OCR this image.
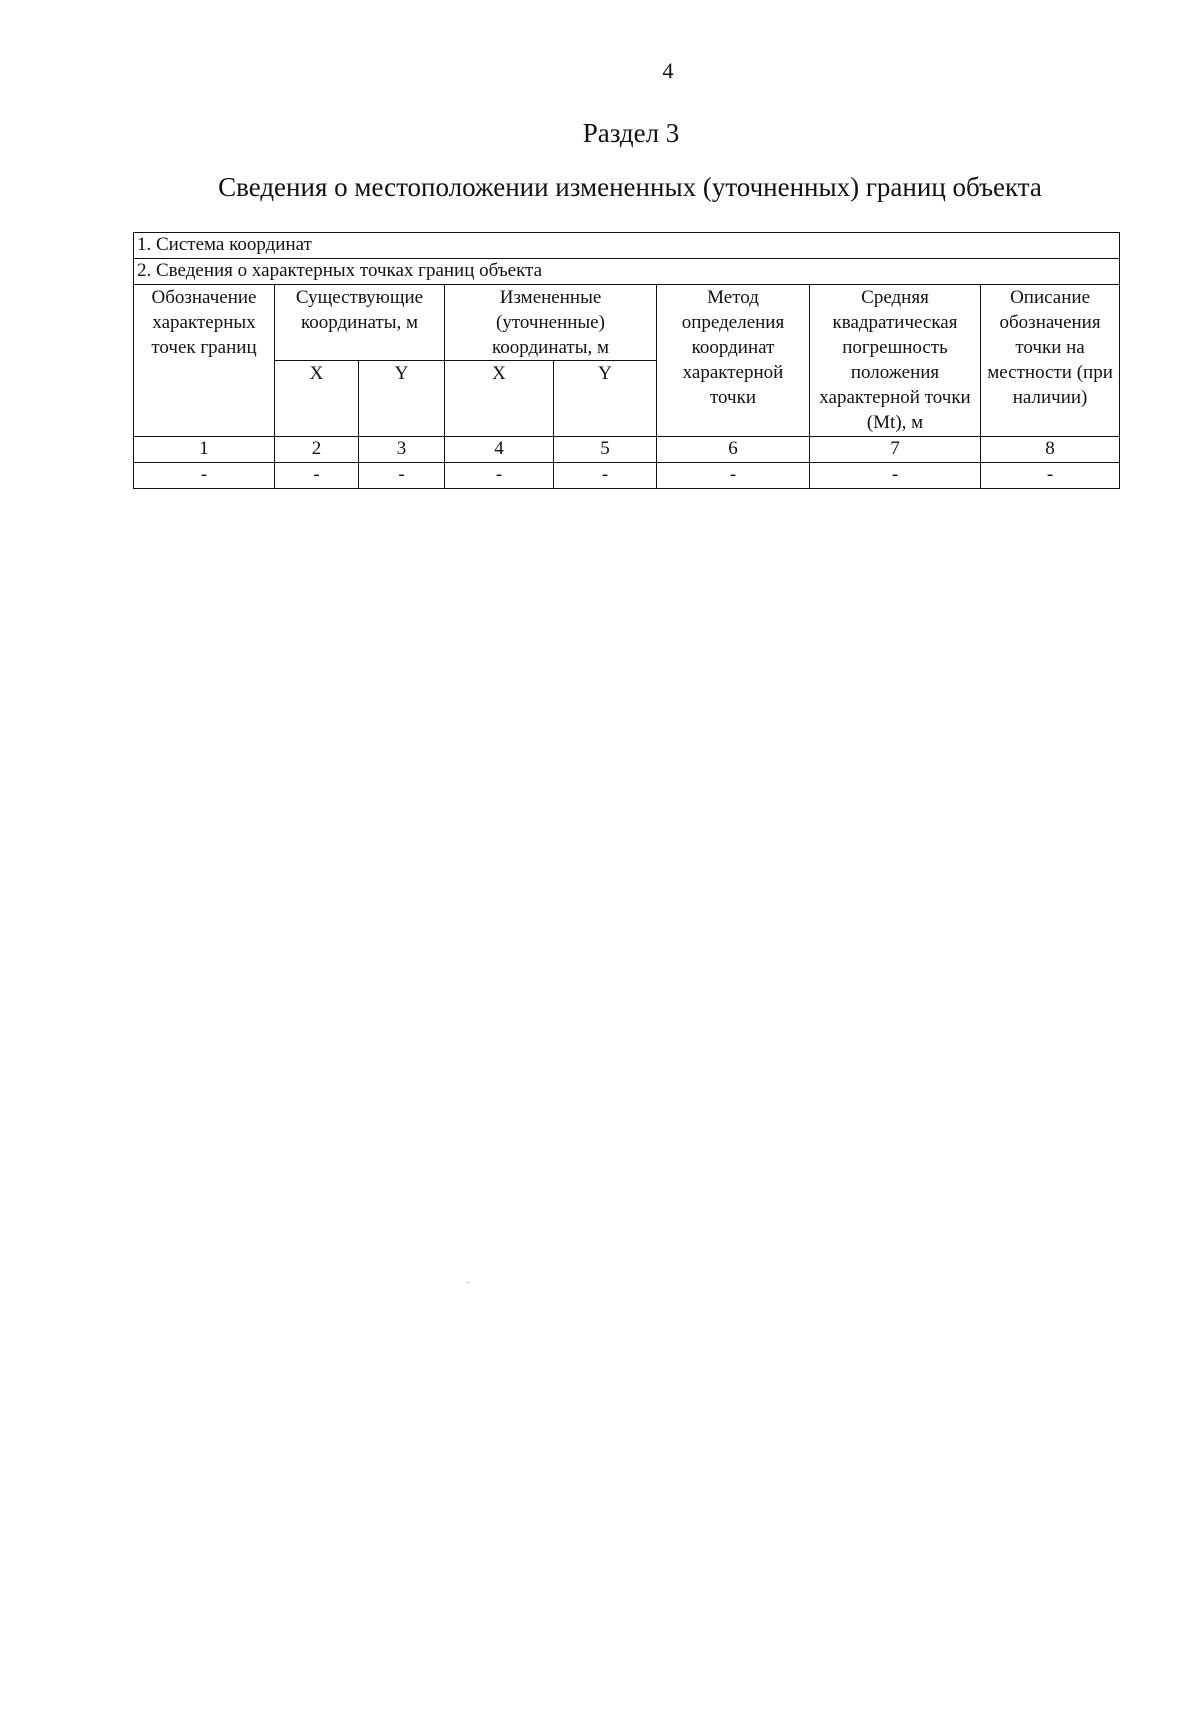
4
Раздел 3
Сведения о местоположении измененных (уточненных) границ объекта
1. Система координат							
2. Сведения о характерных точках границ объекта							
Обозначение характерных точек границ	Существующие координаты, м		Измененные (уточненные) координаты, м		Метод определения координат характерной точки	Средняя квадратическая погрешность положения характерной точки (Mt), м	Описание обозначения точки на местности (при наличии)
	X	Y	X	Y			
1	2	3	4	5	6	7	8
-	-	-	-	-	-	-	-
